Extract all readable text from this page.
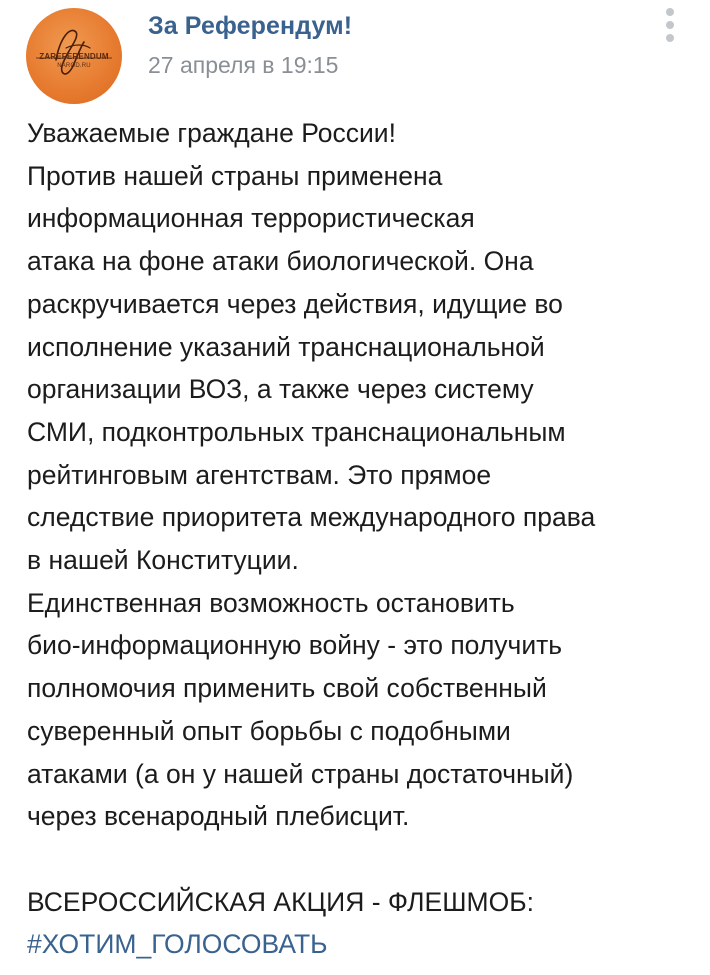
ZAREFERENDUM
NAROD.RU
За Референдум!
27 апреля в 19:15
Уважаемые граждане России!
Против нашей страны применена
информационная террористическая
атака на фоне атаки биологической. Она
раскручивается через действия, идущие во
исполнение указаний транснациональной
организации ВОЗ, а также через систему
СМИ, подконтрольных транснациональным
рейтинговым агентствам. Это прямое
следствие приоритета международного права
в нашей Конституции.
Единственная возможность остановить
био-информационную войну - это получить
полномочия применить свой собственный
суверенный опыт борьбы с подобными
атаками (а он у нашей страны достаточный)
через всенародный плебисцит.
ВСЕРОССИЙСКАЯ АКЦИЯ - ФЛЕШМОБ:
#ХОТИМ_ГОЛОСОВАТЬ
